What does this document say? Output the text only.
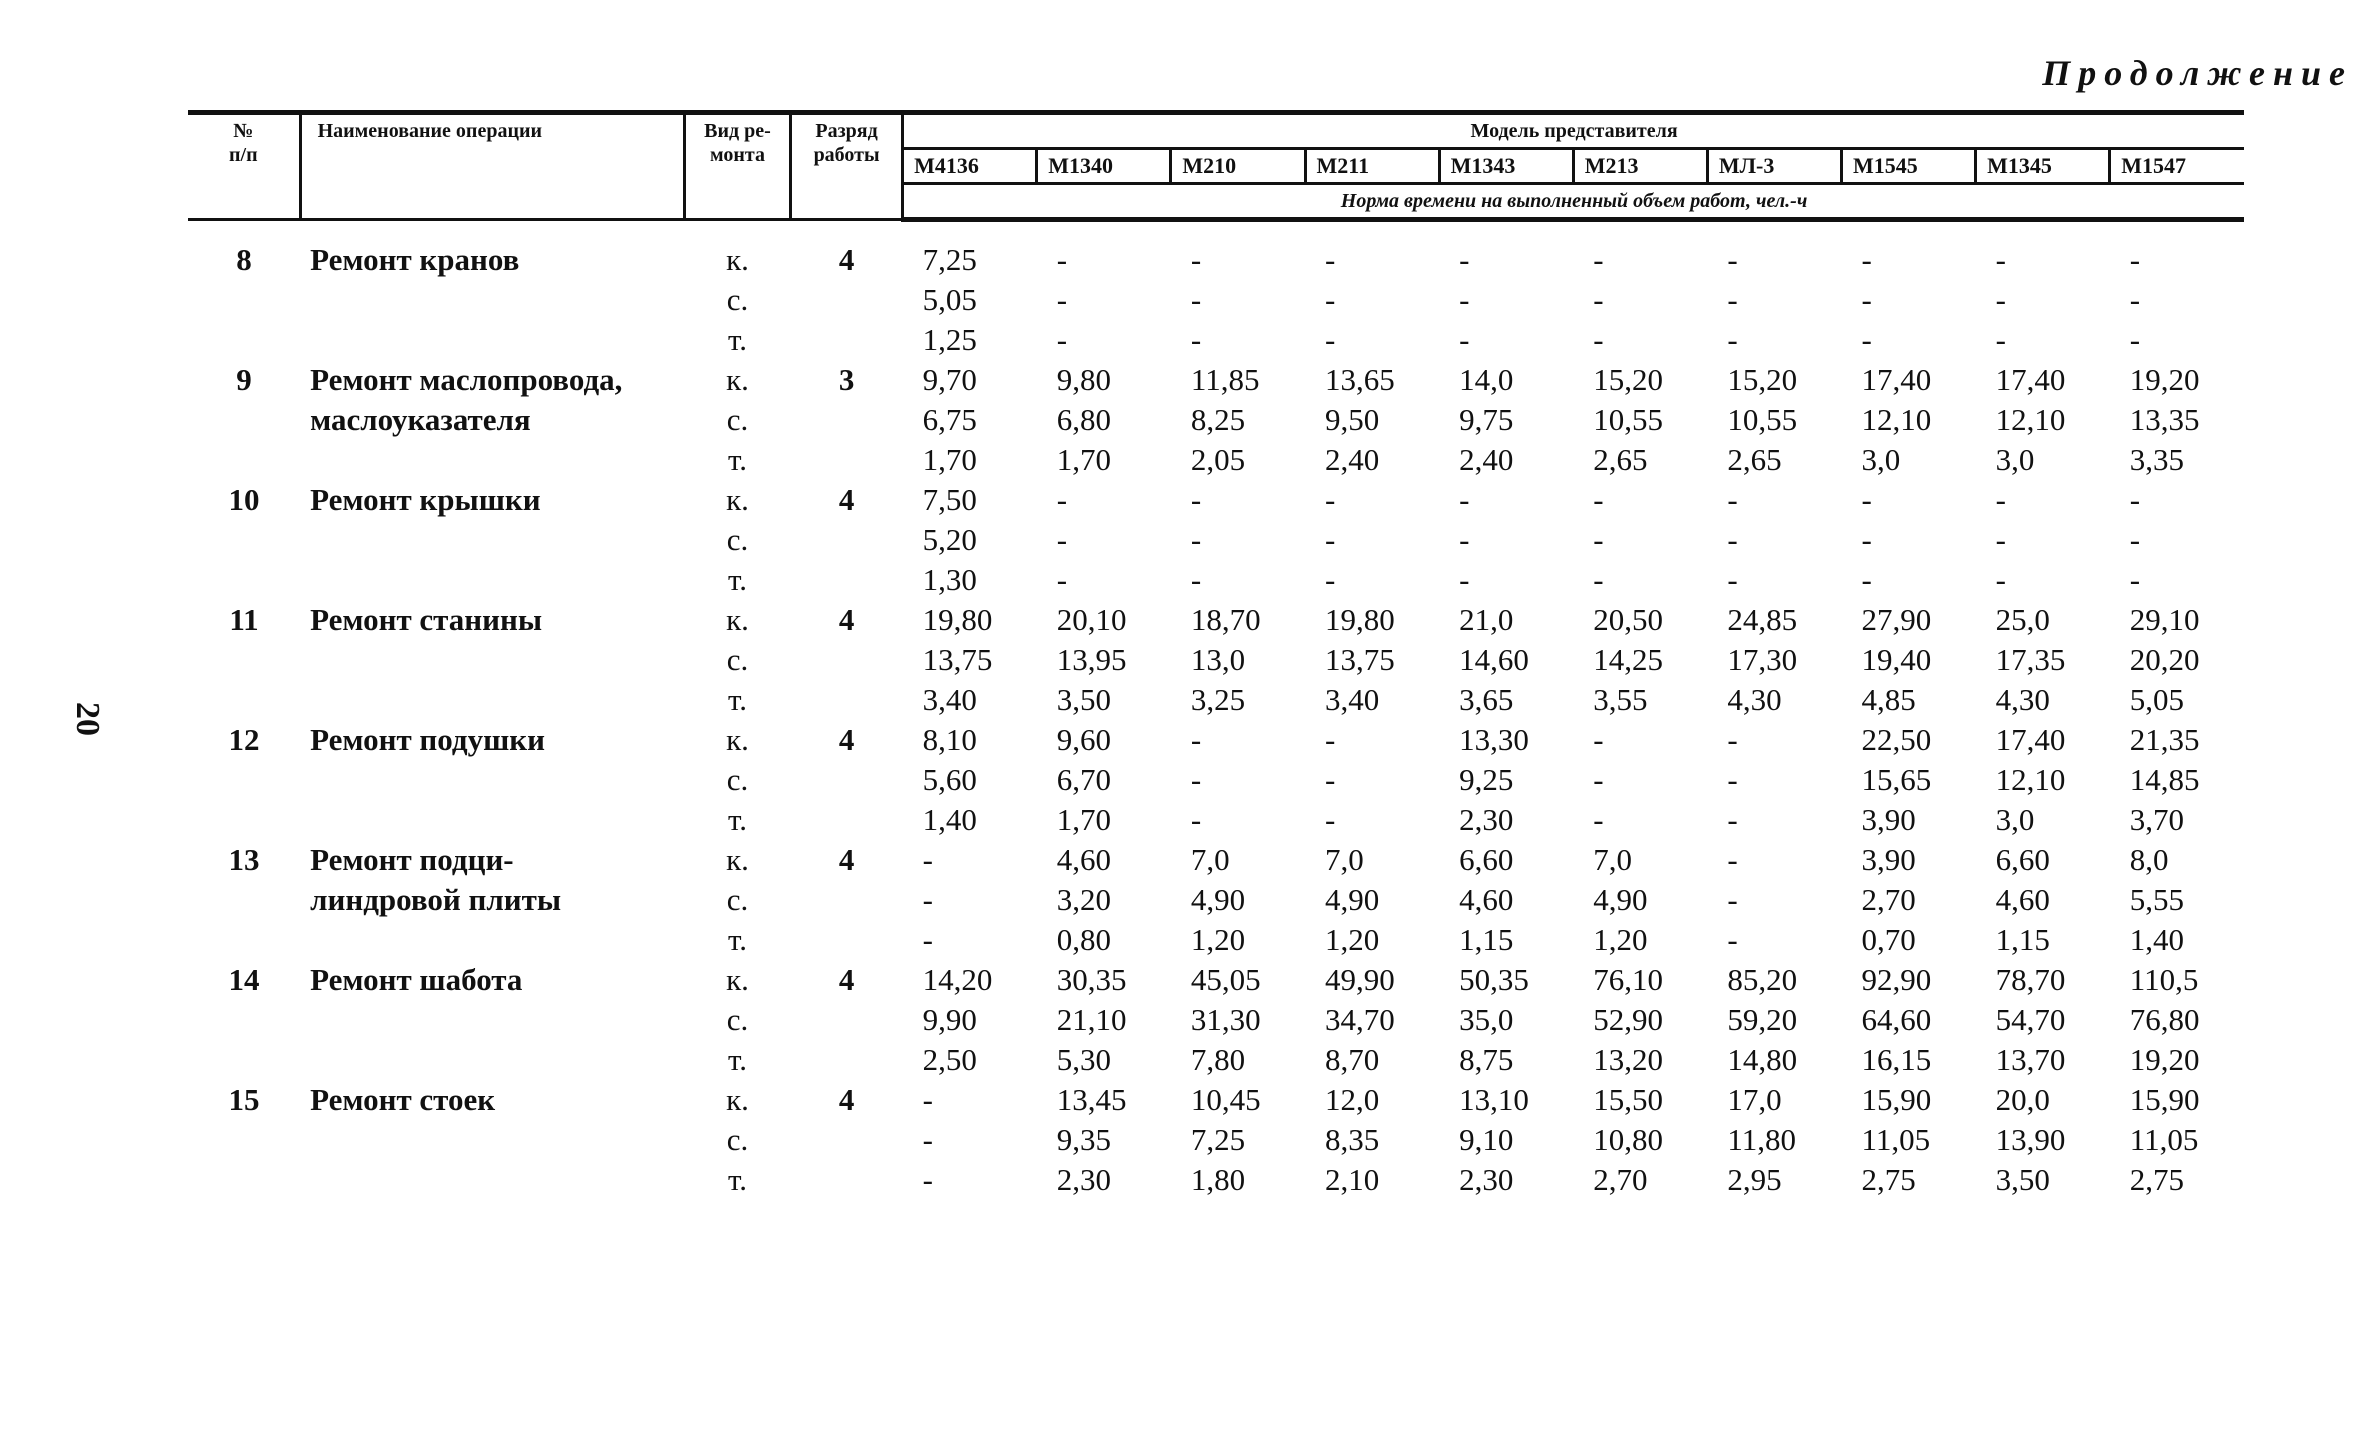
20
Продолжение
№
п/п	Наименование операции	Вид ре-
монта	Разряд
работы	Модель представителя									
				М4136	М1340	М210	М211	М1343	М213	МЛ-3	М1545	М1345	М1547
				Норма времени на выполненный объем работ, чел.-ч									

8	Ремонт кранов	к.	4	7,25	-	-	-	-	-	-	-	-	-
		с.		5,05	-	-	-	-	-	-	-	-	-
		т.		1,25	-	-	-	-	-	-	-	-	-
9	Ремонт маслопровода,	к.	3	9,70	9,80	11,85	13,65	14,0	15,20	15,20	17,40	17,40	19,20
	маслоуказателя	с.		6,75	6,80	8,25	9,50	9,75	10,55	10,55	12,10	12,10	13,35
		т.		1,70	1,70	2,05	2,40	2,40	2,65	2,65	3,0	3,0	3,35
10	Ремонт крышки	к.	4	7,50	-	-	-	-	-	-	-	-	-
		с.		5,20	-	-	-	-	-	-	-	-	-
		т.		1,30	-	-	-	-	-	-	-	-	-
11	Ремонт станины	к.	4	19,80	20,10	18,70	19,80	21,0	20,50	24,85	27,90	25,0	29,10
		с.		13,75	13,95	13,0	13,75	14,60	14,25	17,30	19,40	17,35	20,20
		т.		3,40	3,50	3,25	3,40	3,65	3,55	4,30	4,85	4,30	5,05
12	Ремонт подушки	к.	4	8,10	9,60	-	-	13,30	-	-	22,50	17,40	21,35
		с.		5,60	6,70	-	-	9,25	-	-	15,65	12,10	14,85
		т.		1,40	1,70	-	-	2,30	-	-	3,90	3,0	3,70
13	Ремонт подци-	к.	4	-	4,60	7,0	7,0	6,60	7,0	-	3,90	6,60	8,0
	линдровой плиты	с.		-	3,20	4,90	4,90	4,60	4,90	-	2,70	4,60	5,55
		т.		-	0,80	1,20	1,20	1,15	1,20	-	0,70	1,15	1,40
14	Ремонт шабота	к.	4	14,20	30,35	45,05	49,90	50,35	76,10	85,20	92,90	78,70	110,5
		с.		9,90	21,10	31,30	34,70	35,0	52,90	59,20	64,60	54,70	76,80
		т.		2,50	5,30	7,80	8,70	8,75	13,20	14,80	16,15	13,70	19,20
15	Ремонт стоек	к.	4	-	13,45	10,45	12,0	13,10	15,50	17,0	15,90	20,0	15,90
		с.		-	9,35	7,25	8,35	9,10	10,80	11,80	11,05	13,90	11,05
		т.		-	2,30	1,80	2,10	2,30	2,70	2,95	2,75	3,50	2,75
